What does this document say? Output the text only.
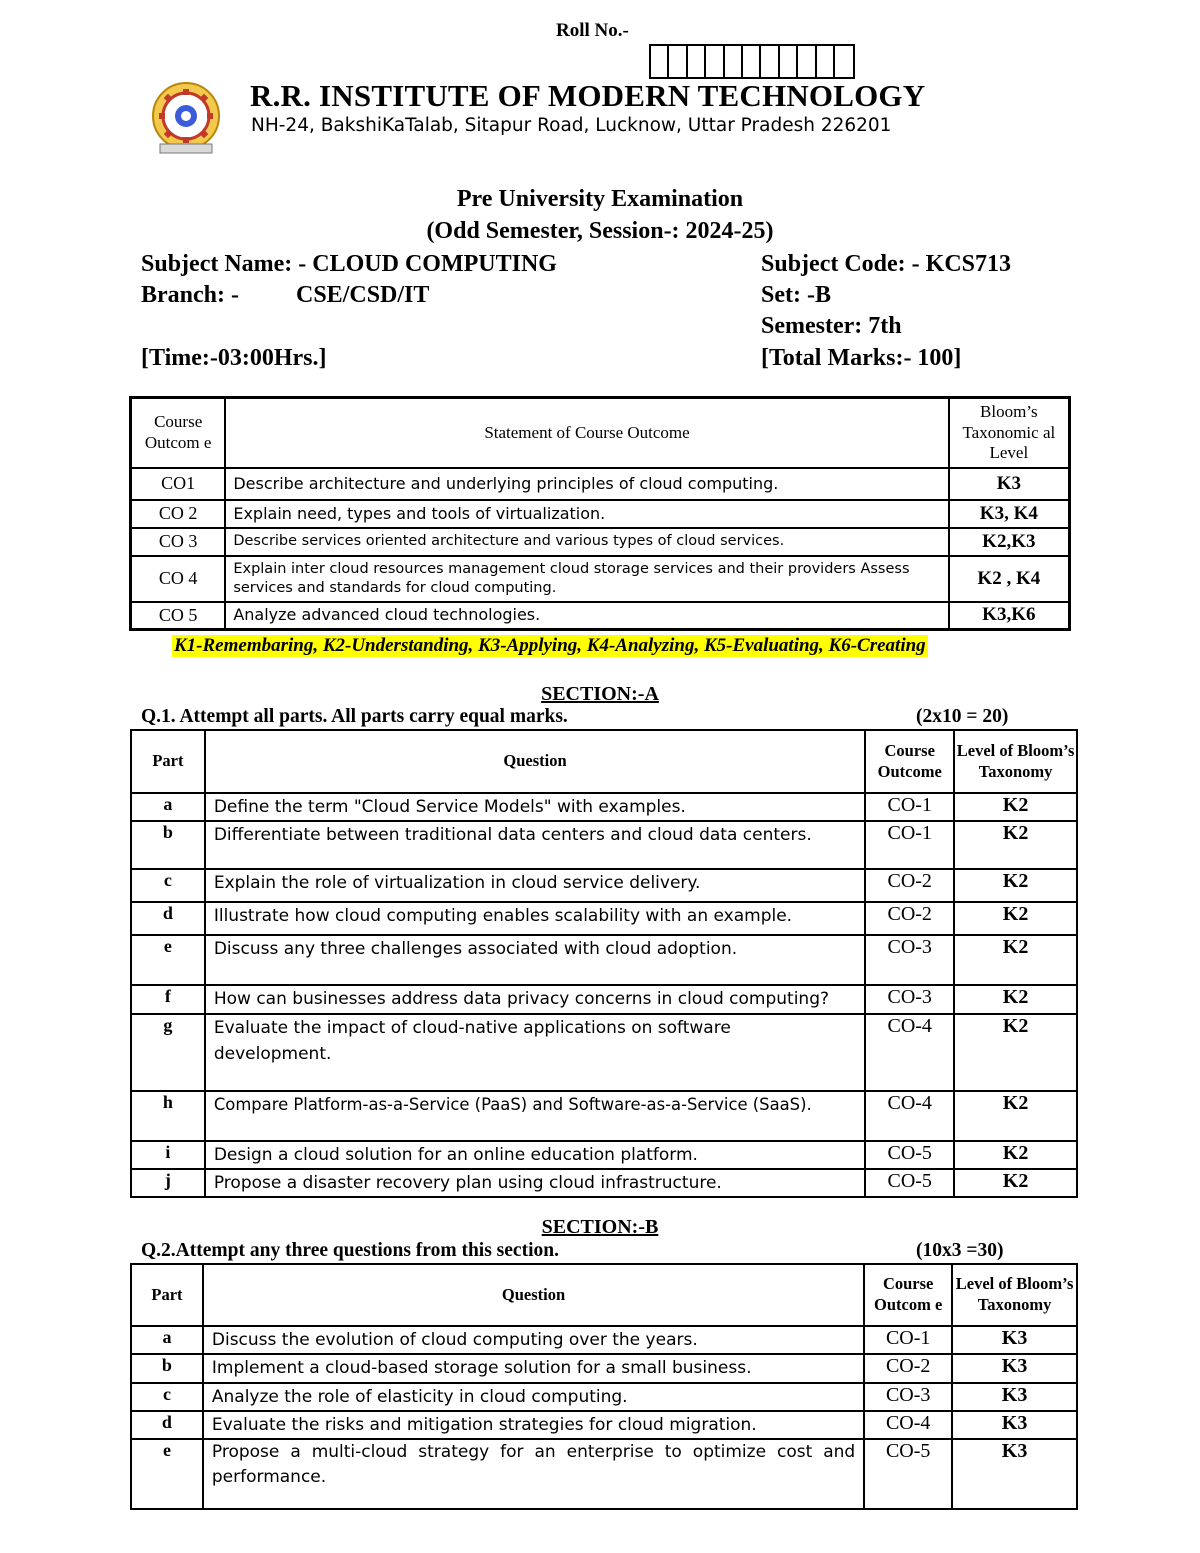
Roll No.-
R.R. INSTITUTE OF MODERN TECHNOLOGY
NH-24, BakshiKaTalab, Sitapur Road, Lucknow, Uttar Pradesh 226201
Pre University Examination
(Odd Semester, Session-: 2024-25)
Subject Name: - CLOUD COMPUTING	Subject Code: - KCS713
Branch: - CSE/CSD/IT	Set: -B
Semester: 7th
[Time:-03:00Hrs.]	[Total Marks:- 100]
Course Outcom e	Statement of Course Outcome	Bloom’s Taxonomic al Level
CO1	Describe architecture and underlying principles of cloud computing.	K3
CO 2	Explain need, types and tools of virtualization.	K3, K4
CO 3	Describe services oriented architecture and various types of cloud services.	K2,K3
CO 4	Explain inter cloud resources management cloud storage services and their providers Assess services and standards for cloud computing.	K2 , K4
CO 5	Analyze advanced cloud technologies.	K3,K6
K1-Remembaring, K2-Understanding, K3-Applying, K4-Analyzing, K5-Evaluating, K6-Creating
SECTION:-A
Q.1. Attempt all parts. All parts carry equal marks.	(2x10 = 20)
Part	Question	Course Outcome	Level of Bloom’s Taxonomy
a	Define the term "Cloud Service Models" with examples.	CO-1	K2
b	Differentiate between traditional data centers and cloud data centers.	CO-1	K2
c	Explain the role of virtualization in cloud service delivery.	CO-2	K2
d	Illustrate how cloud computing enables scalability with an example.	CO-2	K2
e	Discuss any three challenges associated with cloud adoption.	CO-3	K2
f	How can businesses address data privacy concerns in cloud computing?	CO-3	K2
g	Evaluate the impact of cloud-native applications on software development.	CO-4	K2
h	Compare Platform-as-a-Service (PaaS) and Software-as-a-Service (SaaS).	CO-4	K2
i	Design a cloud solution for an online education platform.	CO-5	K2
j	Propose a disaster recovery plan using cloud infrastructure.	CO-5	K2
SECTION:-B
Q.2.Attempt any three questions from this section.	(10x3 =30)
Part	Question	Course Outcom e	Level of Bloom’s Taxonomy
a	Discuss the evolution of cloud computing over the years.	CO-1	K3
b	Implement a cloud-based storage solution for a small business.	CO-2	K3
c	Analyze the role of elasticity in cloud computing.	CO-3	K3
d	Evaluate the risks and mitigation strategies for cloud migration.	CO-4	K3
e	Propose a multi-cloud strategy for an enterprise to optimize cost and performance.	CO-5	K3
